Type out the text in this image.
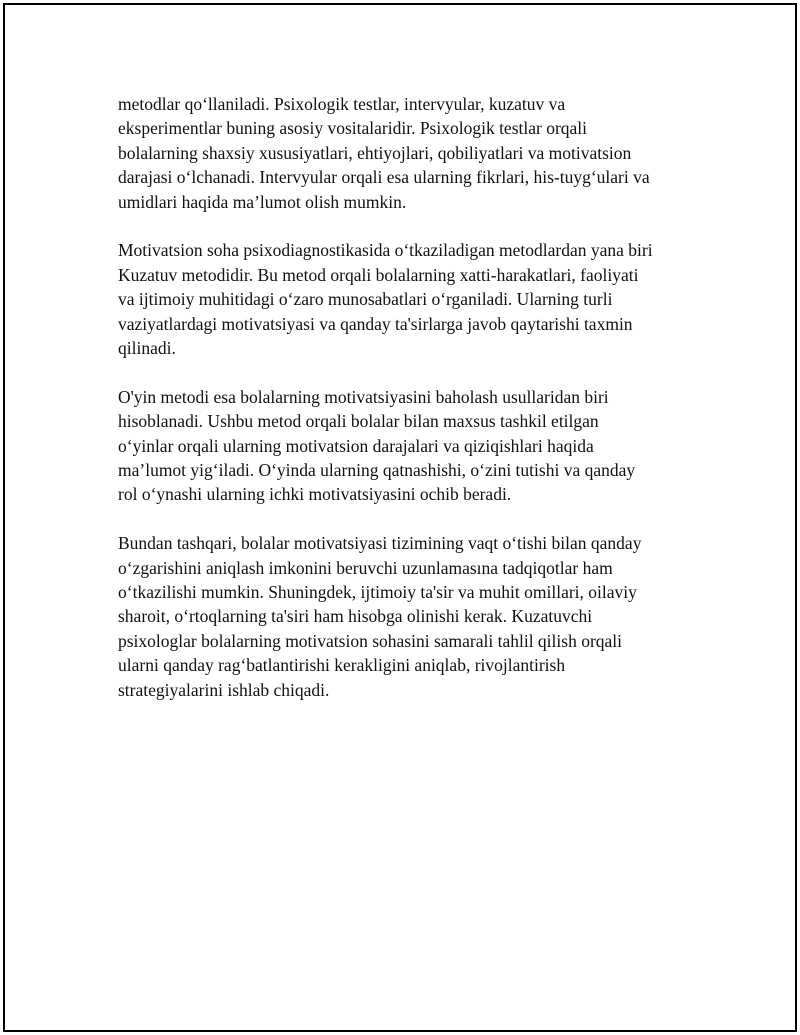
metodlar qo‘llaniladi. Psixologik testlar, intervyular, kuzatuv va
eksperimentlar buning asosiy vositalaridir. Psixologik testlar orqali
bolalarning shaxsiy xususiyatlari, ehtiyojlari, qobiliyatlari va motivatsion
darajasi o‘lchanadi. Intervyular orqali esa ularning fikrlari, his-tuyg‘ulari va
umidlari haqida ma’lumot olish mumkin.

Motivatsion soha psixodiagnostikasida o‘tkaziladigan metodlardan yana biri
Kuzatuv metodidir. Bu metod orqali bolalarning xatti-harakatlari, faoliyati
va ijtimoiy muhitidagi o‘zaro munosabatlari o‘rganiladi. Ularning turli
vaziyatlardagi motivatsiyasi va qanday ta'sirlarga javob qaytarishi taxmin
qilinadi.

O'yin metodi esa bolalarning motivatsiyasini baholash usullaridan biri
hisoblanadi. Ushbu metod orqali bolalar bilan maxsus tashkil etilgan
o‘yinlar orqali ularning motivatsion darajalari va qiziqishlari haqida
ma’lumot yig‘iladi. O‘yinda ularning qatnashishi, o‘zini tutishi va qanday
rol o‘ynashi ularning ichki motivatsiyasini ochib beradi.

Bundan tashqari, bolalar motivatsiyasi tizimining vaqt o‘tishi bilan qanday
o‘zgarishini aniqlash imkonini beruvchi uzunlamasına tadqiqotlar ham
o‘tkazilishi mumkin. Shuningdek, ijtimoiy ta'sir va muhit omillari, oilaviy
sharoit, o‘rtoqlarning ta'siri ham hisobga olinishi kerak. Kuzatuvchi
psixologlar bolalarning motivatsion sohasini samarali tahlil qilish orqali
ularni qanday rag‘batlantirishi kerakligini aniqlab, rivojlantirish
strategiyalarini ishlab chiqadi.
